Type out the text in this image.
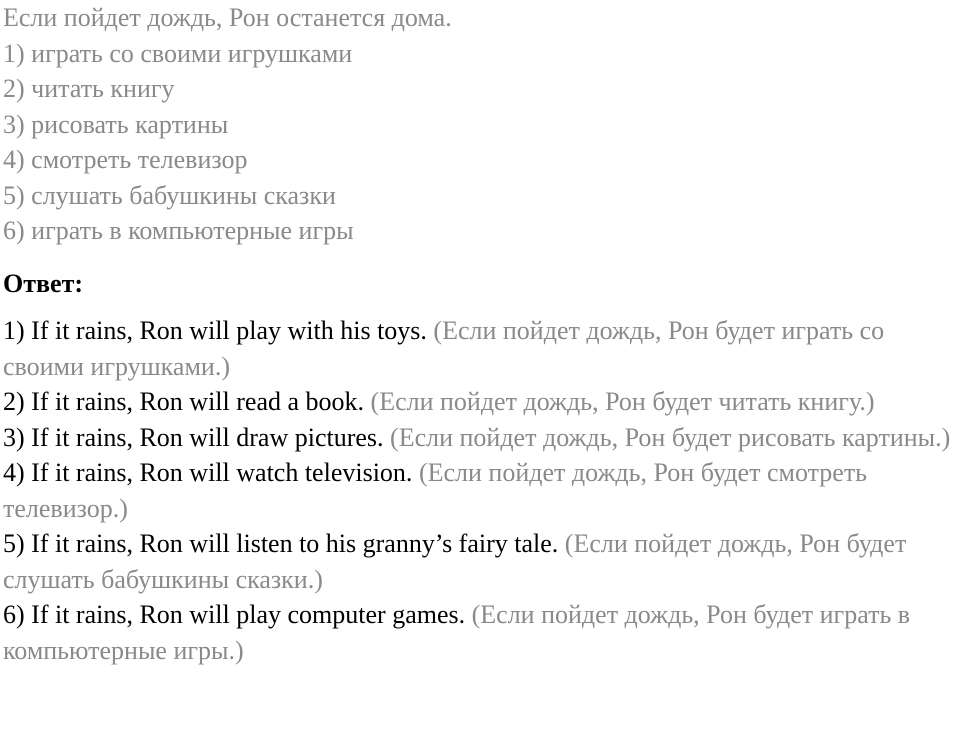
Если пойдет дождь, Рон останется дома.
1) играть со своими игрушками
2) читать книгу
3) рисовать картины
4) смотреть телевизор
5) слушать бабушкины сказки
6) играть в компьютерные игры
Ответ:
1) If it rains, Ron will play with his toys. (Если пойдет дождь, Рон будет играть со своими игрушками.)
2) If it rains, Ron will read a book. (Если пойдет дождь, Рон будет читать книгу.)
3) If it rains, Ron will draw pictures. (Если пойдет дождь, Рон будет рисовать картины.)
4) If it rains, Ron will watch television. (Если пойдет дождь, Рон будет смотреть телевизор.)
5) If it rains, Ron will listen to his granny’s fairy tale. (Если пойдет дождь, Рон будет слушать бабушкины сказки.)
6) If it rains, Ron will play computer games. (Если пойдет дождь, Рон будет играть в компьютерные игры.)
